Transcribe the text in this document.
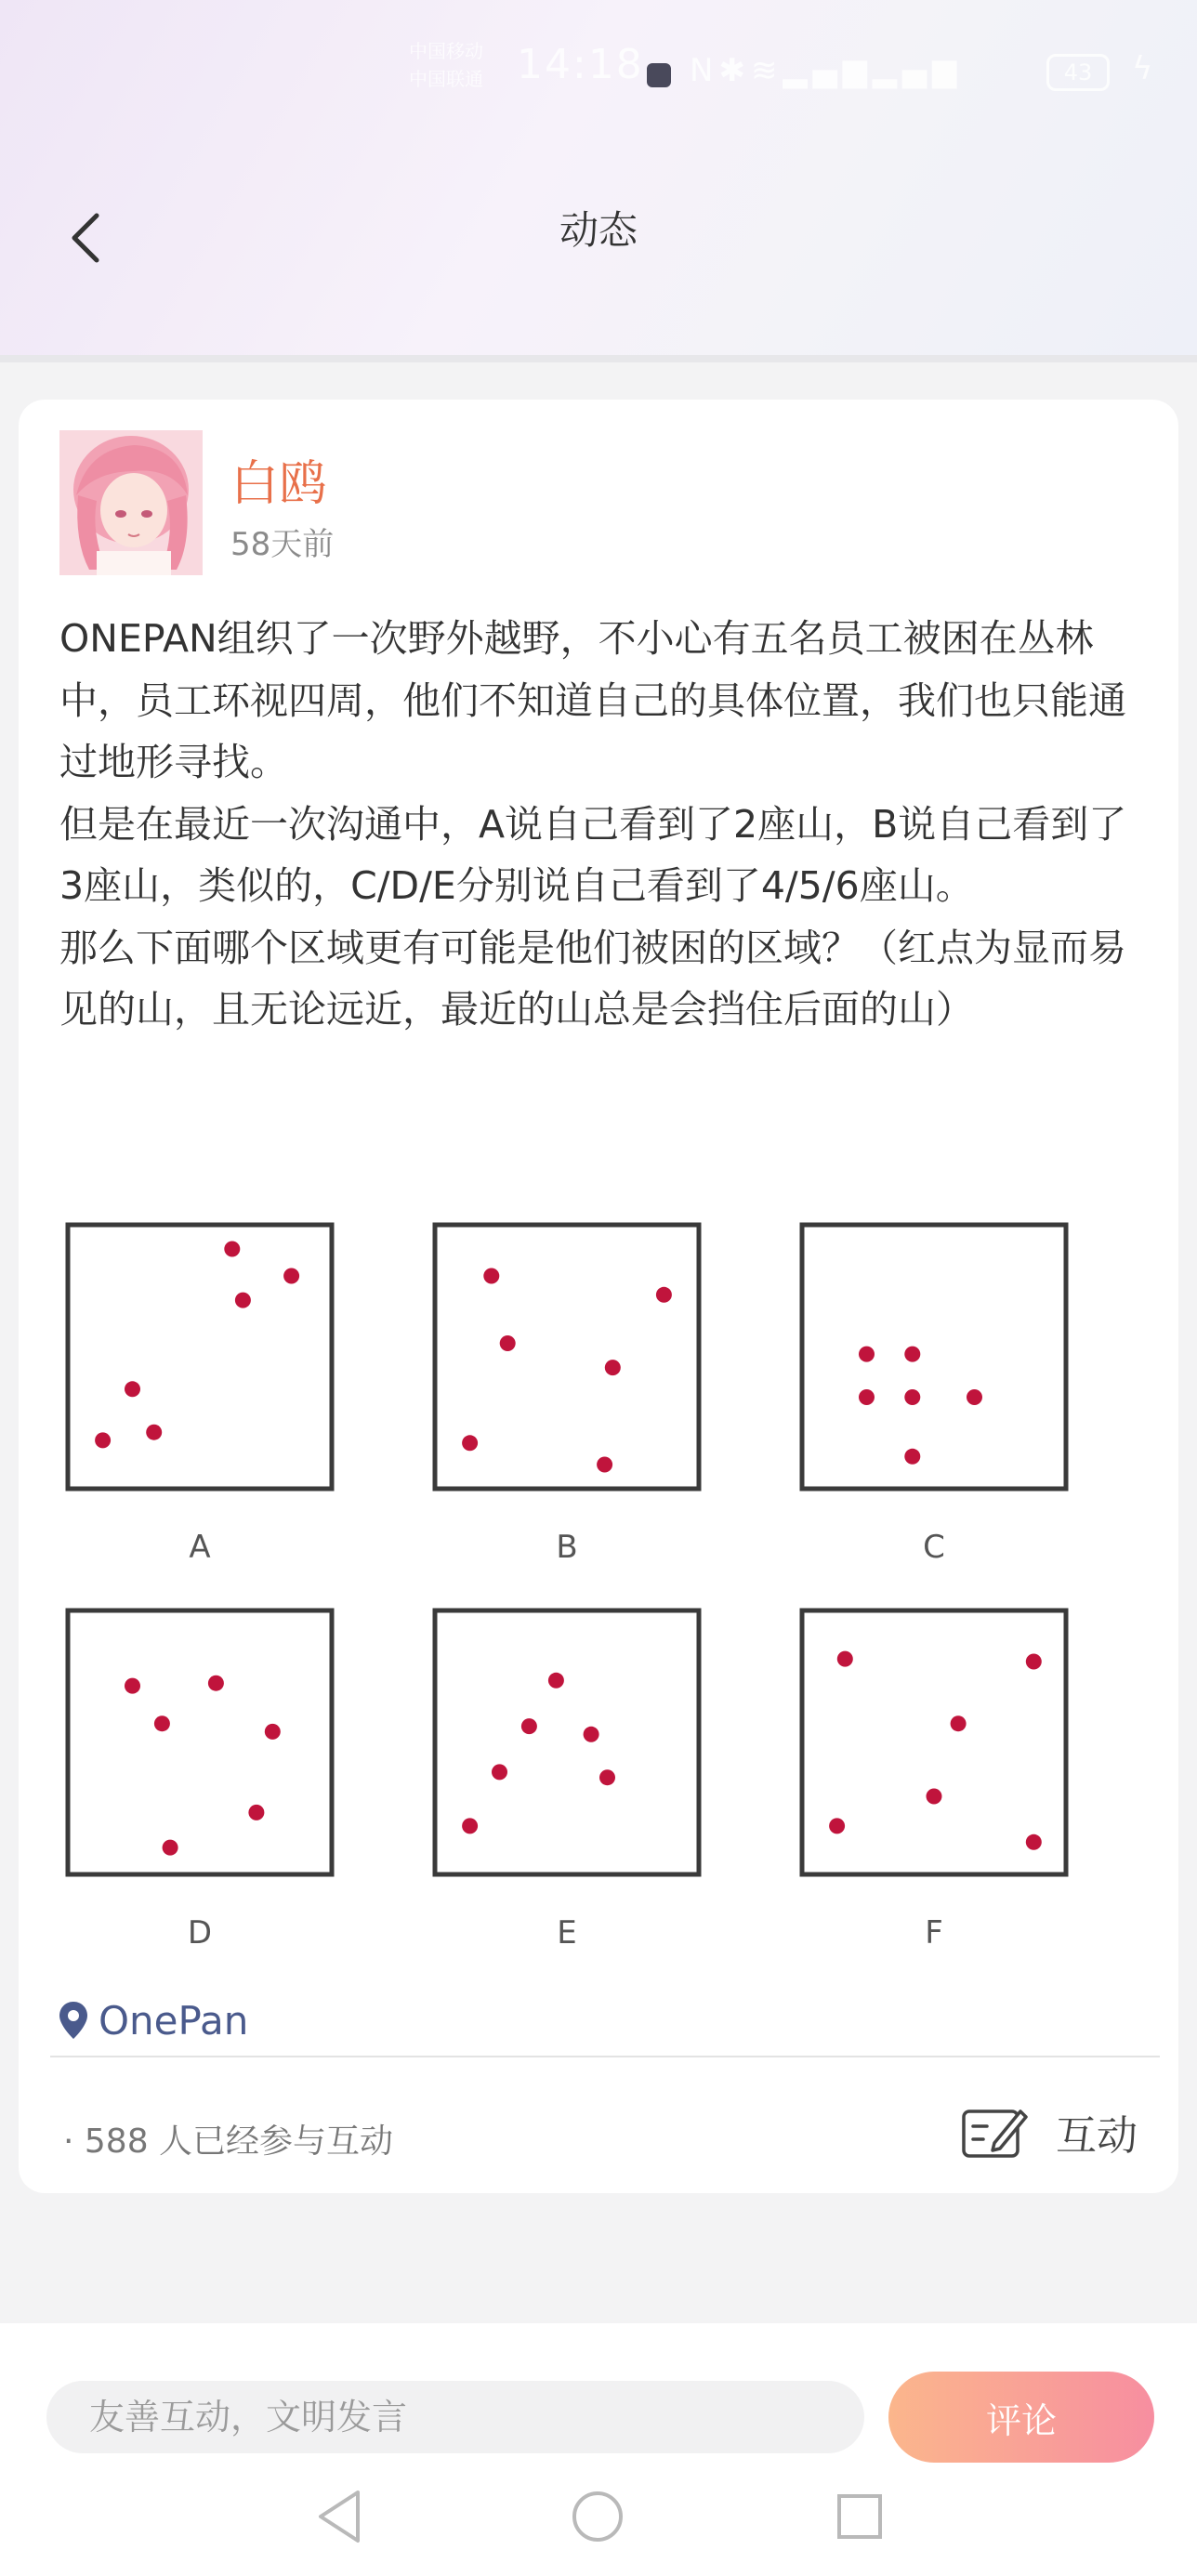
中国移动
中国联通 14:18 N✱≋▂▄▆▂▄▆	43	ϟ
动态
白鸥
58天前

ONEPAN组织了一次野外越野，不小心有五名员工被困在丛林中，员工环视四周，他们不知道自己的具体位置，我们也只能通过地形寻找。

但是在最近一次沟通中，A说自己看到了2座山，B说自己看到了3座山，类似的，C/D/E分别说自己看到了4/5/6座山。

那么下面哪个区域更有可能是他们被困的区域？（红点为显而易见的山，且无论远近，最近的山总是会挡住后面的山）

A	B	C
D	E	F
OnePan
· 588 人已经参与互动	互动
友善互动，文明发言
评论
